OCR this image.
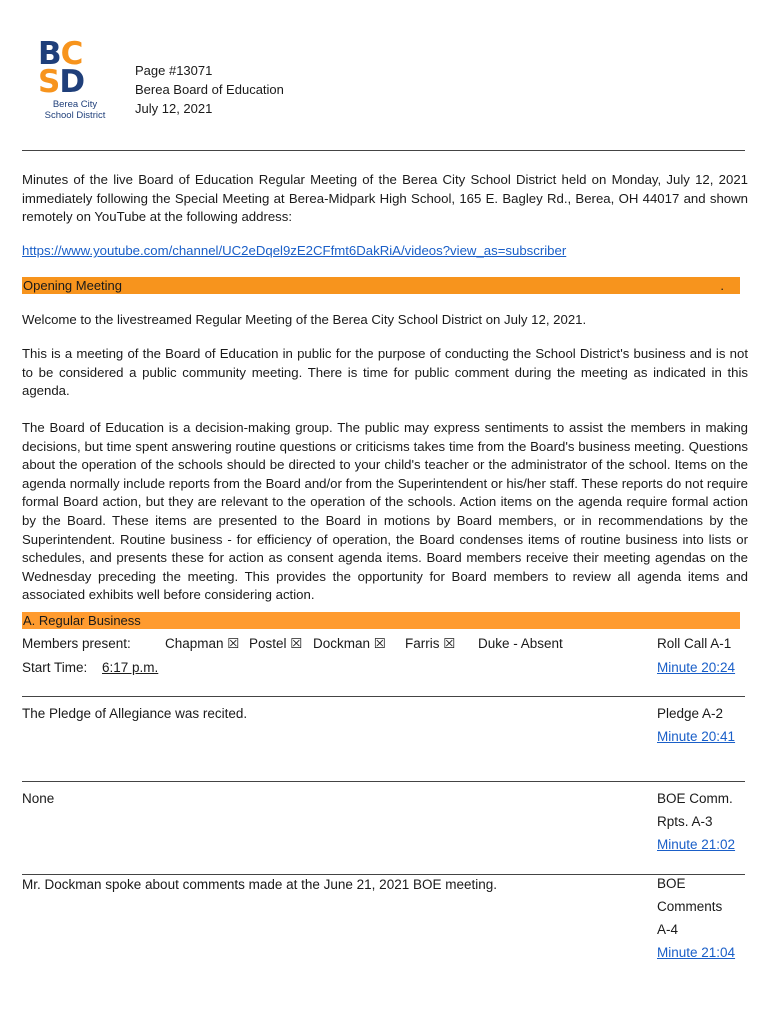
BC
SD
Berea City
School District
Page #13071
Berea Board of Education
July 12, 2021
Minutes of the live Board of Education Regular Meeting of the Berea City School District held on Monday, July 12, 2021 immediately following the Special Meeting at Berea-Midpark High School, 165 E. Bagley Rd., Berea, OH 44017 and shown remotely on YouTube at the following address:
https://www.youtube.com/channel/UC2eDqel9zE2CFfmt6DakRiA/videos?view_as=subscriber
Opening Meeting	.
Welcome to the livestreamed Regular Meeting of the Berea City School District on July 12, 2021.
This is a meeting of the Board of Education in public for the purpose of conducting the School District's business and is not to be considered a public community meeting. There is time for public comment during the meeting as indicated in this agenda.
The Board of Education is a decision-making group. The public may express sentiments to assist the members in making decisions, but time spent answering routine questions or criticisms takes time from the Board's business meeting. Questions about the operation of the schools should be directed to your child's teacher or the administrator of the school. Items on the agenda normally include reports from the Board and/or from the Superintendent or his/her staff. These reports do not require formal Board action, but they are relevant to the operation of the schools. Action items on the agenda require formal action by the Board. These items are presented to the Board in motions by Board members, or in recommendations by the Superintendent. Routine business - for efficiency of operation, the Board condenses items of routine business into lists or schedules, and presents these for action as consent agenda items. Board members receive their meeting agendas on the Wednesday preceding the meeting. This provides the opportunity for Board members to review all agenda items and associated exhibits well before considering action.
A. Regular Business
Members present:	Chapman ☒ Postel ☒ Dockman ☒ Farris ☒ Duke - Absent	Roll Call A-1
Start Time: 6:17 p.m.	Minute 20:24
The Pledge of Allegiance was recited.	Pledge A-2
Minute 20:41
None	BOE Comm.
Rpts. A-3
Minute 21:02
Mr. Dockman spoke about comments made at the June 21, 2021 BOE meeting.	BOE
Comments
A-4
Minute 21:04
